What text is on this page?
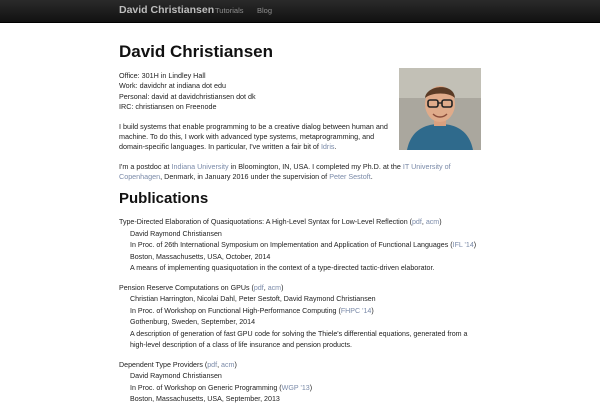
David Christiansen Tutorials Blog
David Christiansen
Office: 301H in Lindley Hall
Work: davidchr at indiana dot edu
Personal: david at davidchristiansen dot dk
IRC: christiansen on Freenode

I build systems that enable programming to be a creative dialog between human and machine. To do this, I work with advanced type systems, metaprogramming, and domain-specific languages. In particular, I've written a fair bit of Idris.

I'm a postdoc at Indiana University in Bloomington, IN, USA. I completed my Ph.D. at the IT University of Copenhagen, Denmark, in January 2016 under the supervision of Peter Sestoft.

Publications
Type-Directed Elaboration of Quasiquotations: A High-Level Syntax for Low-Level Reflection (pdf, acm)
David Raymond Christiansen
In Proc. of 26th International Symposium on Implementation and Application of Functional Languages (IFL '14)
Boston, Massachusetts, USA, October, 2014
A means of implementing quasiquotation in the context of a type-directed tactic-driven elaborator.
Pension Reserve Computations on GPUs (pdf, acm)
Christian Harrington, Nicolai Dahl, Peter Sestoft, David Raymond Christiansen
In Proc. of Workshop on Functional High-Performance Computing (FHPC '14)
Gothenburg, Sweden, September, 2014
A description of generation of fast GPU code for solving the Thiele's differential equations, generated from a high-level description of a class of life insurance and pension products.
Dependent Type Providers (pdf, acm)
David Raymond Christiansen
In Proc. of Workshop on Generic Programming (WGP '13)
Boston, Massachusetts, USA, September, 2013
